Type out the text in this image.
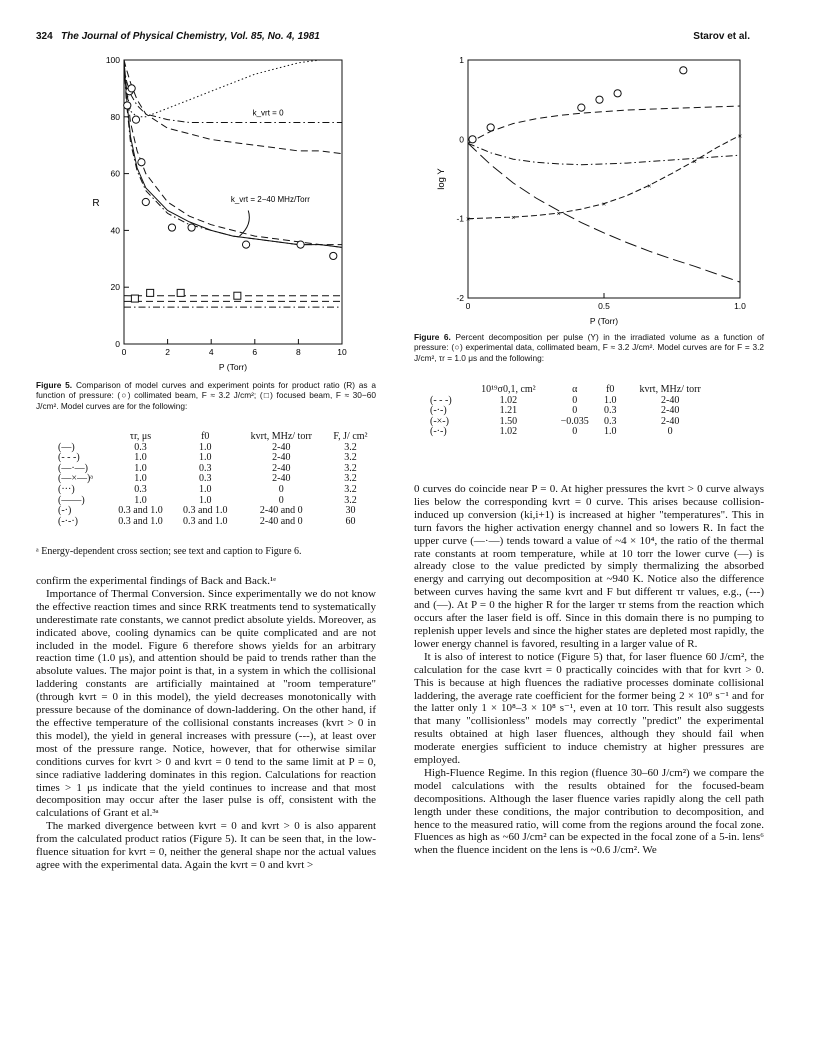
324 The Journal of Physical Chemistry, Vol. 85, No. 4, 1981	Starov et al.
0	2	4	6	8	10
0
20
40
60
80
100
R
P (Torr)
k_vrt = 0
k_vrt = 2−40 MHz/Torr
Figure 5. Comparison of model curves and experiment points for product ratio (R) as a function of pressure: (○) collimated beam, F ≈ 3.2 J/cm²; (□) focused beam, F ≈ 30−60 J/cm². Model curves are for the following:
	τr, μs	f0	kvrt, MHz/ torr	F, J/ cm²
(—)	0.3	1.0	2-40	3.2
(- - -)	1.0	1.0	2-40	3.2
(—·—)	1.0	0.3	2-40	3.2
(—×—)ᵃ	1.0	0.3	2-40	3.2
(···)	0.3	1.0	0	3.2
(——)	1.0	1.0	0	3.2
(-·)	0.3 and 1.0	0.3 and 1.0	2-40 and 0	30
(-·-·)	0.3 and 1.0	0.3 and 1.0	2-40 and 0	60
ᵃ Energy-dependent cross section; see text and caption to Figure 6.
0	0.5	1.0
-2
-1
0
1
×	×
×
×
×
×
×
log Y
P (Torr)
Figure 6. Percent decomposition per pulse (Y) in the irradiated volume as a function of pressure: (○) experimental data, collimated beam, F ≈ 3.2 J/cm². Model curves are for F = 3.2 J/cm², τr = 1.0 μs and the following:
	10¹⁹σ0,1, cm²	α	f0	kvrt, MHz/ torr
(- - -)	1.02	0	1.0	2-40
(-·-)	1.21	0	0.3	2-40
(-×-)	1.50	−0.035	0.3	2-40
(-·-)	1.02	0	1.0	0

confirm the experimental findings of Back and Back.¹ᵉ

Importance of Thermal Conversion. Since experimentally we do not know the effective reaction times and since RRK treatments tend to systematically underestimate rate constants, we cannot predict absolute yields. Moreover, as indicated above, cooling dynamics can be quite complicated and are not included in the model. Figure 6 therefore shows yields for an arbitrary reaction time (1.0 μs), and attention should be paid to trends rather than the absolute values. The major point is that, in a system in which the collisional laddering constants are artificially maintained at "room temperature" (through kvrt = 0 in this model), the yield decreases monotonically with pressure because of the dominance of down-laddering. On the other hand, if the effective temperature of the collisional constants increases (kvrt > 0 in this model), the yield in general increases with pressure (---), at least over most of the pressure range. Notice, however, that for otherwise similar conditions curves for kvrt > 0 and kvrt = 0 tend to the same limit at P = 0, since radiative laddering dominates in this region. Calculations for reaction times > 1 μs indicate that the yield continues to increase and that most decomposition may occur after the laser pulse is off, consistent with the calculations of Grant et al.³ᵃ

The marked divergence between kvrt = 0 and kvrt > 0 is also apparent from the calculated product ratios (Figure 5). It can be seen that, in the low-fluence situation for kvrt = 0, neither the general shape nor the actual values agree with the experimental data. Again the kvrt = 0 and kvrt >

0 curves do coincide near P = 0. At higher pressures the kvrt > 0 curve always lies below the corresponding kvrt = 0 curve. This arises because collision-induced up conversion (ki,i+1) is increased at higher "temperatures". This in turn favors the higher activation energy channel and so lowers R. In fact the upper curve (—·—) tends toward a value of ~4 × 10⁴, the ratio of the thermal rate constants at room temperature, while at 10 torr the lower curve (—) is already close to the value predicted by simply thermalizing the absorbed energy and carrying out decomposition at ~940 K. Notice also the difference between curves having the same kvrt and F but different τr values, e.g., (---) and (—). At P = 0 the higher R for the larger τr stems from the reaction which occurs after the laser field is off. Since in this domain there is no pumping to replenish upper levels and since the higher states are depleted most rapidly, the lower energy channel is favored, resulting in a larger value of R.

It is also of interest to notice (Figure 5) that, for laser fluence 60 J/cm², the calculation for the case kvrt = 0 practically coincides with that for kvrt > 0. This is because at high fluences the radiative processes dominate collisional laddering, the average rate coefficient for the former being 2 × 10⁹ s⁻¹ and for the latter only 1 × 10⁸–3 × 10⁸ s⁻¹, even at 10 torr. This result also suggests that many "collisionless" models may correctly "predict" the experimental results obtained at high laser fluences, although they should fail when moderate energies sufficient to induce chemistry at higher pressures are employed.

High-Fluence Regime. In this region (fluence 30–60 J/cm²) we compare the model calculations with the results obtained for the focused-beam decompositions. Although the laser fluence varies rapidly along the cell path length under these conditions, the major contribution to decomposition, and hence to the measured ratio, will come from the regions around the focal zone. Fluences as high as ~60 J/cm² can be expected in the focal zone of a 5-in. lens⁶ when the fluence incident on the lens is ~0.6 J/cm². We
